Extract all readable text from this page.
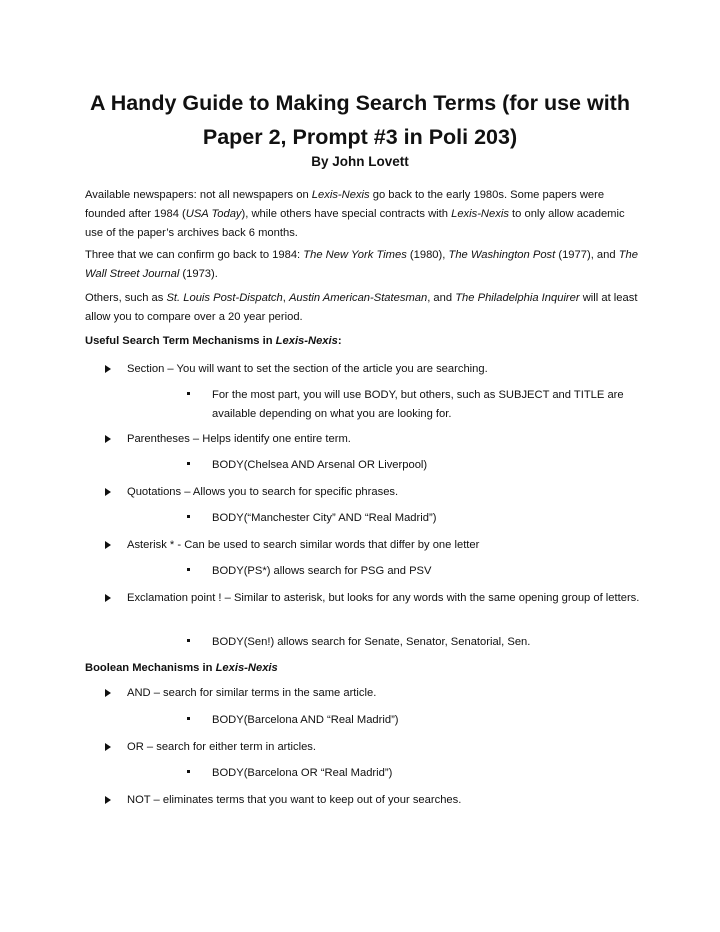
A Handy Guide to Making Search Terms (for use with Paper 2, Prompt #3 in Poli 203)
By John Lovett
Available newspapers: not all newspapers on Lexis-Nexis go back to the early 1980s. Some papers were founded after 1984 (USA Today), while others have special contracts with Lexis-Nexis to only allow academic use of the paper’s archives back 6 months.
Three that we can confirm go back to 1984: The New York Times (1980), The Washington Post (1977), and The Wall Street Journal (1973).
Others, such as St. Louis Post-Dispatch, Austin American-Statesman, and The Philadelphia Inquirer will at least allow you to compare over a 20 year period.
Useful Search Term Mechanisms in Lexis-Nexis:
Section – You will want to set the section of the article you are searching.
For the most part, you will use BODY, but others, such as SUBJECT and TITLE are available depending on what you are looking for.
Parentheses – Helps identify one entire term.
BODY(Chelsea AND Arsenal OR Liverpool)
Quotations – Allows you to search for specific phrases.
BODY(“Manchester City” AND “Real Madrid”)
Asterisk * - Can be used to search similar words that differ by one letter
BODY(PS*) allows search for PSG and PSV
Exclamation point ! – Similar to asterisk, but looks for any words with the same opening group of letters.
BODY(Sen!) allows search for Senate, Senator, Senatorial, Sen.
Boolean Mechanisms in Lexis-Nexis
AND – search for similar terms in the same article.
BODY(Barcelona AND “Real Madrid”)
OR – search for either term in articles.
BODY(Barcelona OR “Real Madrid”)
NOT – eliminates terms that you want to keep out of your searches.
